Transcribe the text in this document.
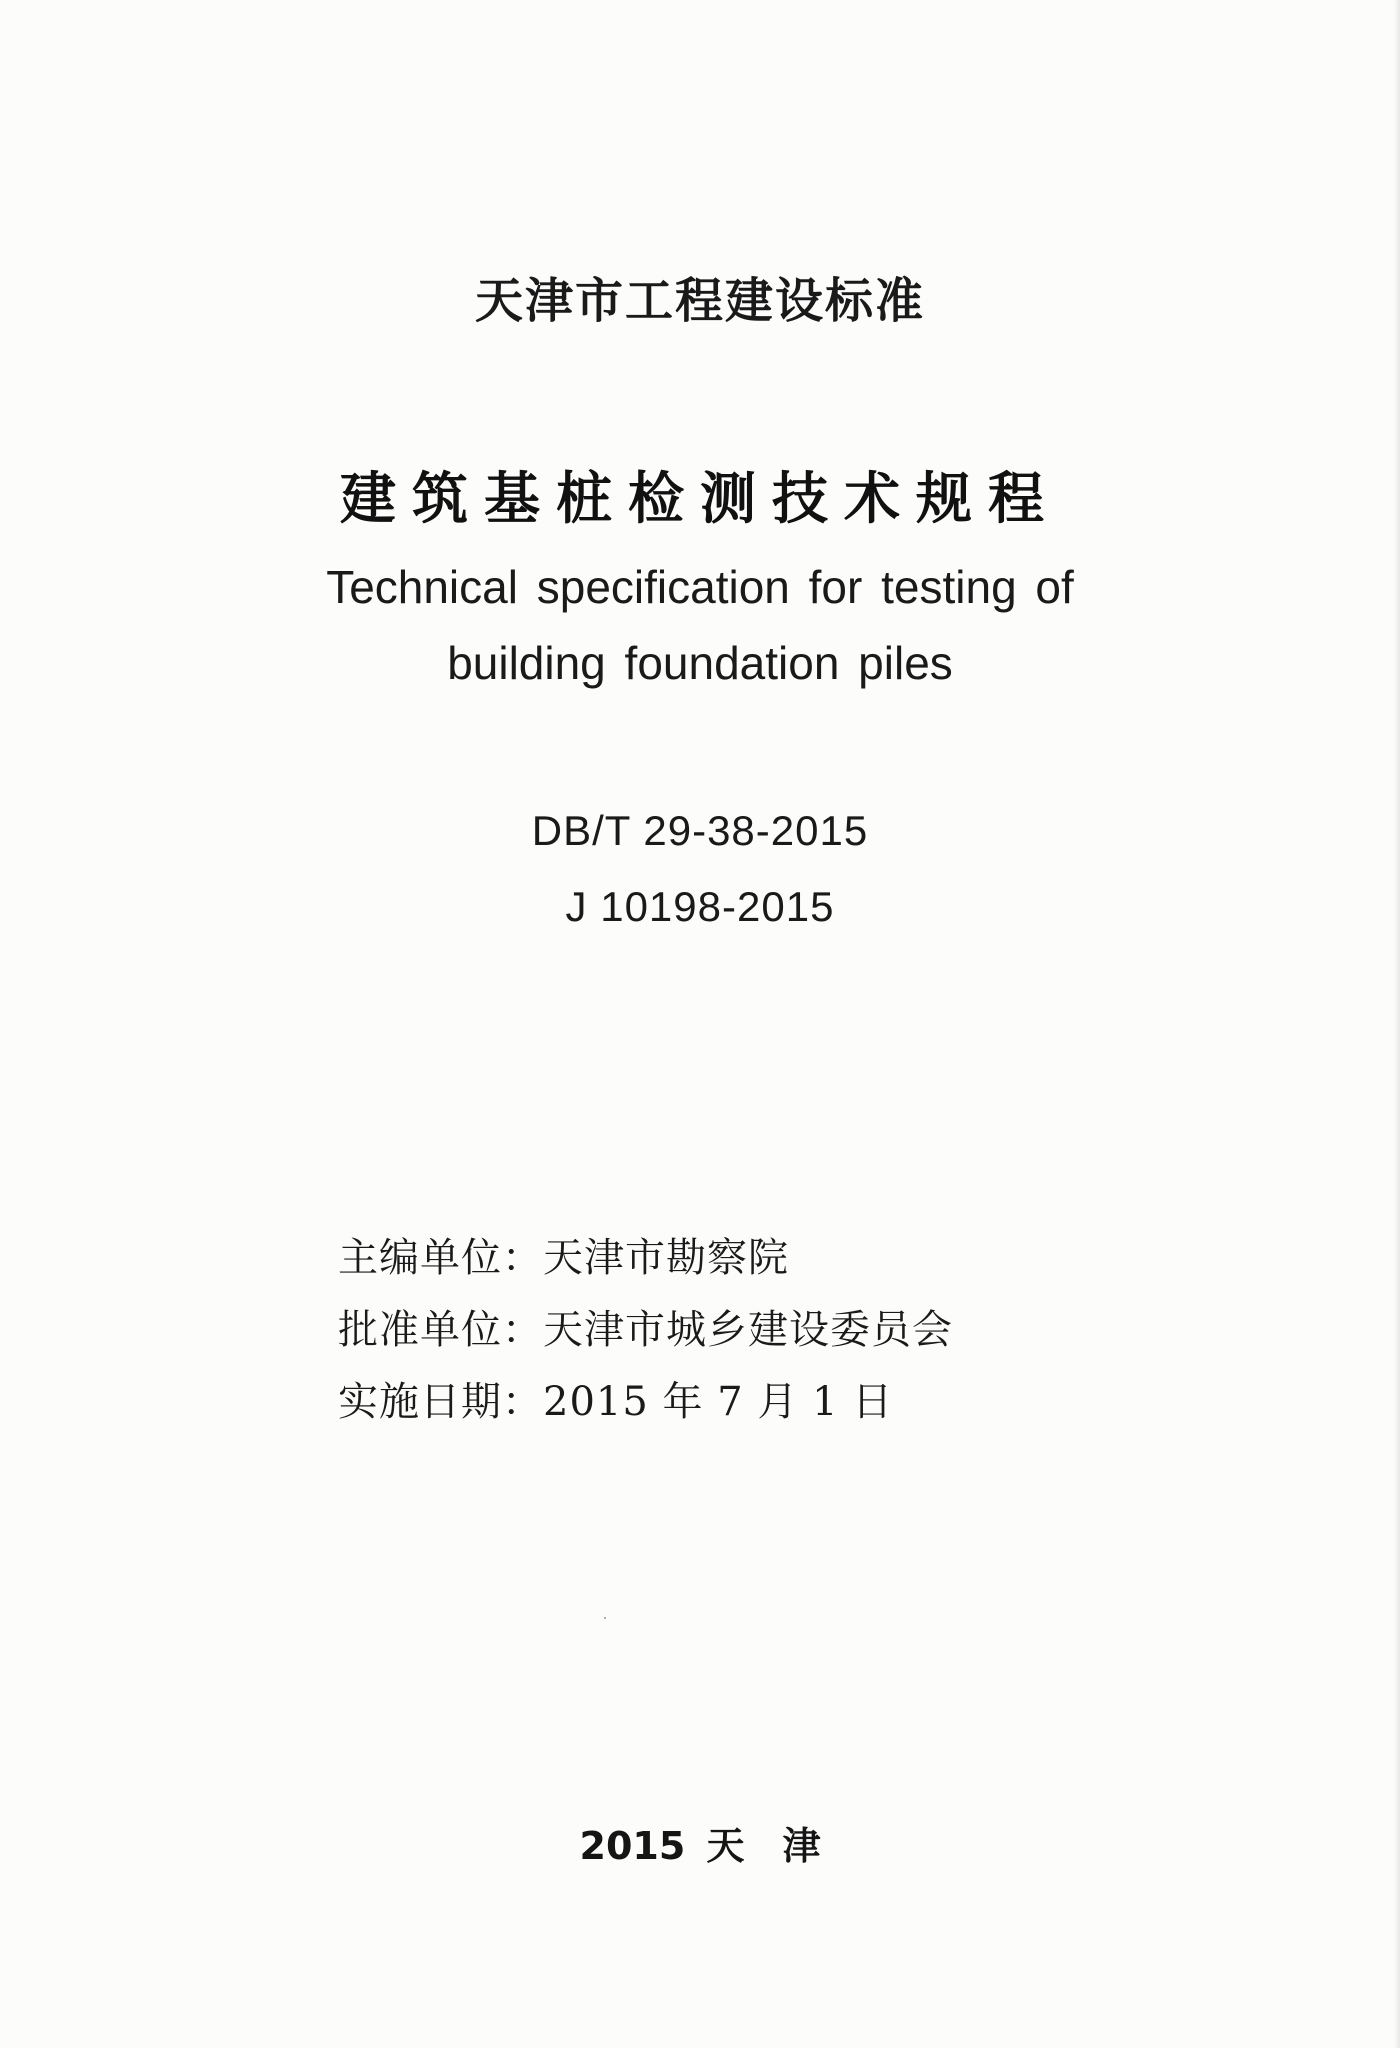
天津市工程建设标准
建筑基桩检测技术规程
Technical specification for testing of
building foundation piles
DB/T 29-38-2015
J 10198-2015
主编单位：天津市勘察院
批准单位：天津市城乡建设委员会
实施日期：2015 年 7 月 1 日
2015 天　津
